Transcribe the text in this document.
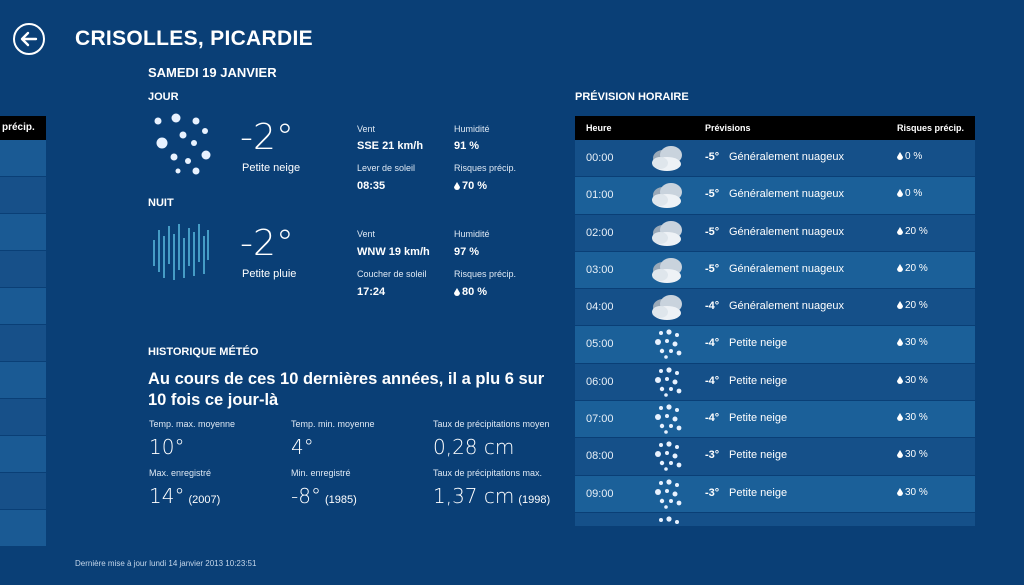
précip.
CRISOLLES, PICARDIE
SAMEDI 19 JANVIER
JOUR
-2°
Petite neige
Vent
SSE 21 km/h
Humidité
91 %
Lever de soleil
08:35
Risques précip.
70 %
NUIT
-2°
Petite pluie
Vent
WNW 19 km/h
Humidité
97 %
Coucher de soleil
17:24
Risques précip.
80 %
HISTORIQUE MÉTÉO
Au cours de ces 10 dernières années, il a plu 6 sur 10 fois ce jour-là
Temp. max. moyenne
10°
Temp. min. moyenne
4°
Taux de précipitations moyen
0,28 cm
Max. enregistré
14° (2007)
Min. enregistré
-8° (1985)
Taux de précipitations max.
1,37 cm (1998)
PRÉVISION HORAIRE
Heure	Prévisions	Risques précip.
00:00	-5° Généralement nuageux	0 %
01:00	-5° Généralement nuageux	0 %
02:00	-5° Généralement nuageux	20 %
03:00	-5° Généralement nuageux	20 %
04:00	-4° Généralement nuageux	20 %
05:00	-4° Petite neige	30 %
06:00	-4° Petite neige	30 %
07:00	-4° Petite neige	30 %
08:00	-3° Petite neige	30 %
09:00	-3° Petite neige	30 %
Dernière mise à jour lundi 14 janvier 2013 10:23:51
